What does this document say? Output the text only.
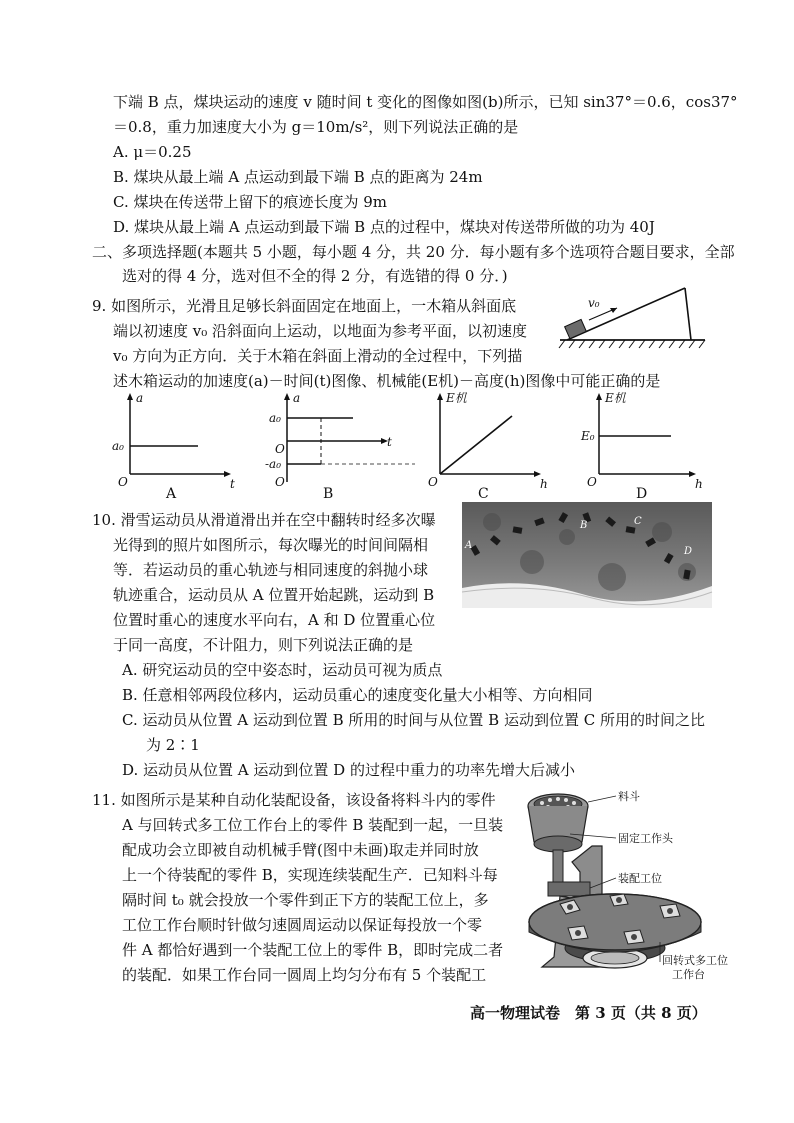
下端 B 点，煤块运动的速度 v 随时间 t 变化的图像如图(b)所示，已知 sin37°＝0.6，cos37°
＝0.8，重力加速度大小为 g＝10m/s²，则下列说法正确的是
A. μ＝0.25
B. 煤块从最上端 A 点运动到最下端 B 点的距离为 24m
C. 煤块在传送带上留下的痕迹长度为 9m
D. 煤块从最上端 A 点运动到最下端 B 点的过程中，煤块对传送带所做的功为 40J
二、多项选择题(本题共 5 小题，每小题 4 分，共 20 分．每小题有多个选项符合题目要求，全部
选对的得 4 分，选对但不全的得 2 分，有选错的得 0 分．)
9. 如图所示，光滑且足够长斜面固定在地面上，一木箱从斜面底
端以初速度 v₀ 沿斜面向上运动，以地面为参考平面，以初速度
v₀ 方向为正方向．关于木箱在斜面上滑动的全过程中，下列描
述木箱运动的加速度(a)－时间(t)图像、机械能(E机)－高度(h)图像中可能正确的是
v₀
a
t
O
a₀
A
a
t
O
a₀
-a₀
O
B
E机
h
O
C
E机
h
O
E₀
D
10. 滑雪运动员从滑道滑出并在空中翻转时经多次曝
光得到的照片如图所示，每次曝光的时间间隔相
等．若运动员的重心轨迹与相同速度的斜抛小球
轨迹重合，运动员从 A 位置开始起跳，运动到 B
位置时重心的速度水平向右，A 和 D 位置重心位
于同一高度，不计阻力，则下列说法正确的是
A
B	C
D
A. 研究运动员的空中姿态时，运动员可视为质点
B. 任意相邻两段位移内，运动员重心的速度变化量大小相等、方向相同
C. 运动员从位置 A 运动到位置 B 所用的时间与从位置 B 运动到位置 C 所用的时间之比
为 2∶1
D. 运动员从位置 A 运动到位置 D 的过程中重力的功率先增大后减小
11. 如图所示是某种自动化装配设备，该设备将料斗内的零件
A 与回转式多工位工作台上的零件 B 装配到一起，一旦装
配成功会立即被自动机械手臂(图中未画)取走并同时放
上一个待装配的零件 B，实现连续装配生产．已知料斗每
隔时间 t₀ 就会投放一个零件到正下方的装配工位上，多
工位工作台顺时针做匀速圆周运动以保证每投放一个零
件 A 都恰好遇到一个装配工位上的零件 B，即时完成二者
的装配．如果工作台同一圆周上均匀分布有 5 个装配工
料斗
固定工作头
装配工位
回转式多工位
工作台
高一物理试卷　第 3 页（共 8 页）
